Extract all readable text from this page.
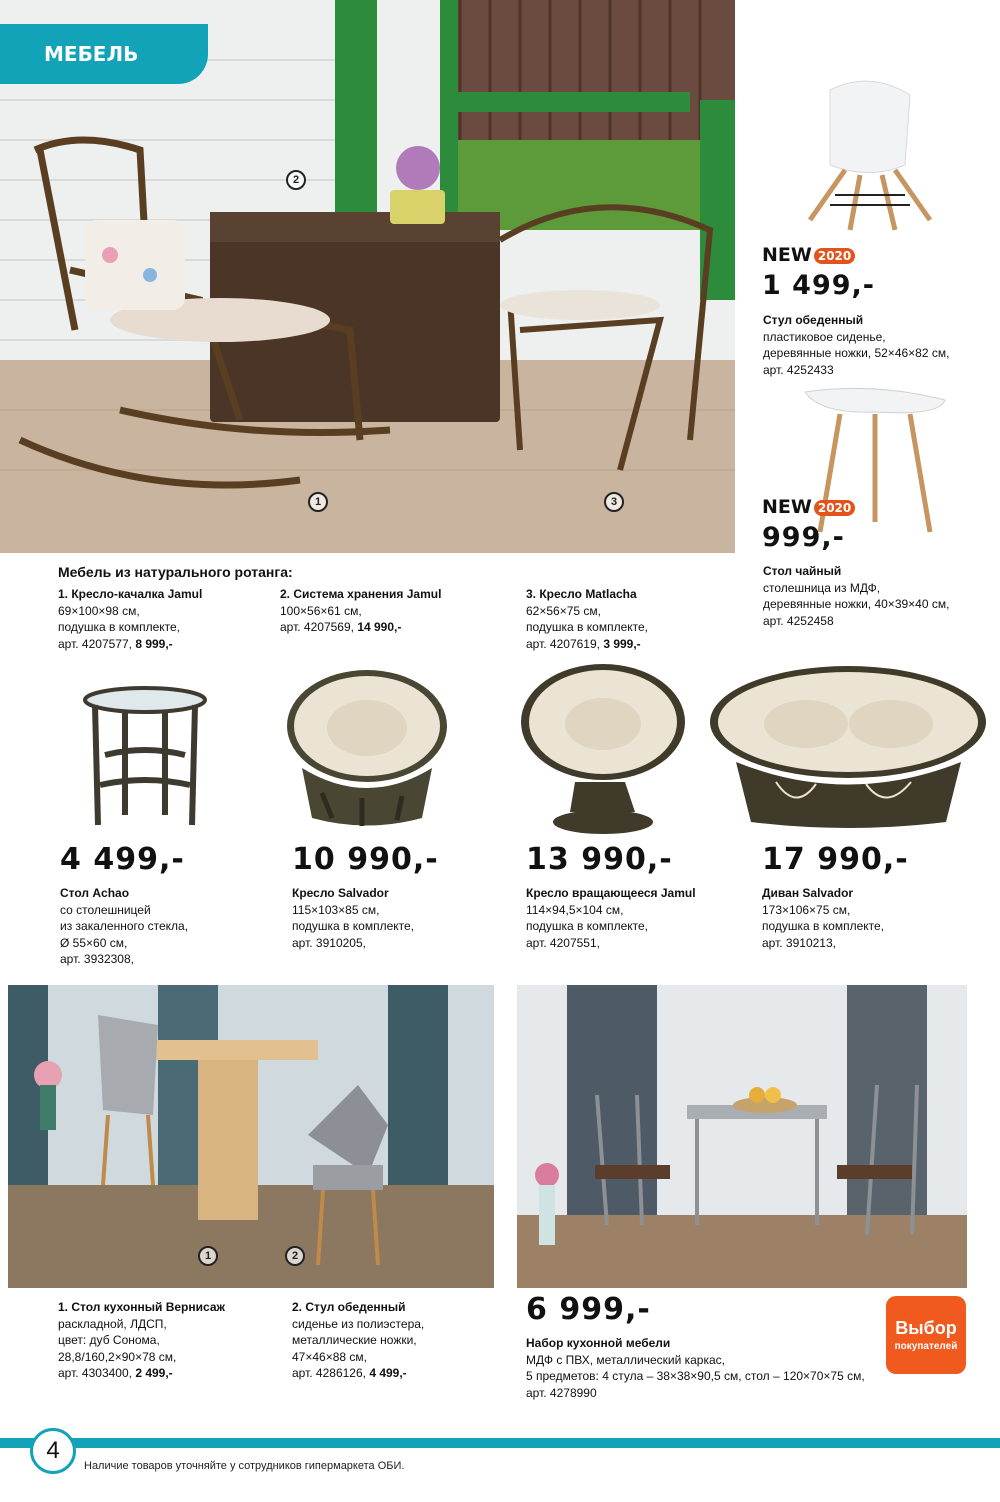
2
1	3
МЕБЕЛЬ
NEW 2020
1 499,-
Стул обеденный
пластиковое сиденье,
деревянные ножки, 52×46×82 см,
арт. 4252433
NEW 2020
999,-
Стол чайный
столешница из МДФ,
деревянные ножки, 40×39×40 см,
арт. 4252458
Мебель из натурального ротанга:
1. Кресло-качалка Jamul
69×100×98 см,
подушка в комплекте,
арт. 4207577, 8 999,-
2. Система хранения Jamul
100×56×61 см,
арт. 4207569, 14 990,-
3. Кресло Matlacha
62×56×75 см,
подушка в комплекте,
арт. 4207619, 3 999,-
4 499,-	10 990,-	13 990,-	17 990,-
Стол Achao
со столешницей
из закаленного стекла,
Ø 55×60 см,
арт. 3932308,
Кресло Salvador
115×103×85 см,
подушка в комплекте,
арт. 3910205,
Кресло вращающееся Jamul
114×94,5×104 см,
подушка в комплекте,
арт. 4207551,
Диван Salvador
173×106×75 см,
подушка в комплекте,
арт. 3910213,
1	2
1. Стол кухонный Вернисаж
раскладной, ЛДСП,
цвет: дуб Сонома,
28,8/160,2×90×78 см,
арт. 4303400, 2 499,-
2. Стул обеденный
сиденье из полиэстера,
металлические ножки,
47×46×88 см,
арт. 4286126, 4 499,-
6 999,-
Набор кухонной мебели
МДФ с ПВХ, металлический каркас,
5 предметов: 4 стула – 38×38×90,5 см, стол – 120×70×75 см,
арт. 4278990
Выбор
покупателей
4
Наличие товаров уточняйте у сотрудников гипермаркета ОБИ.
